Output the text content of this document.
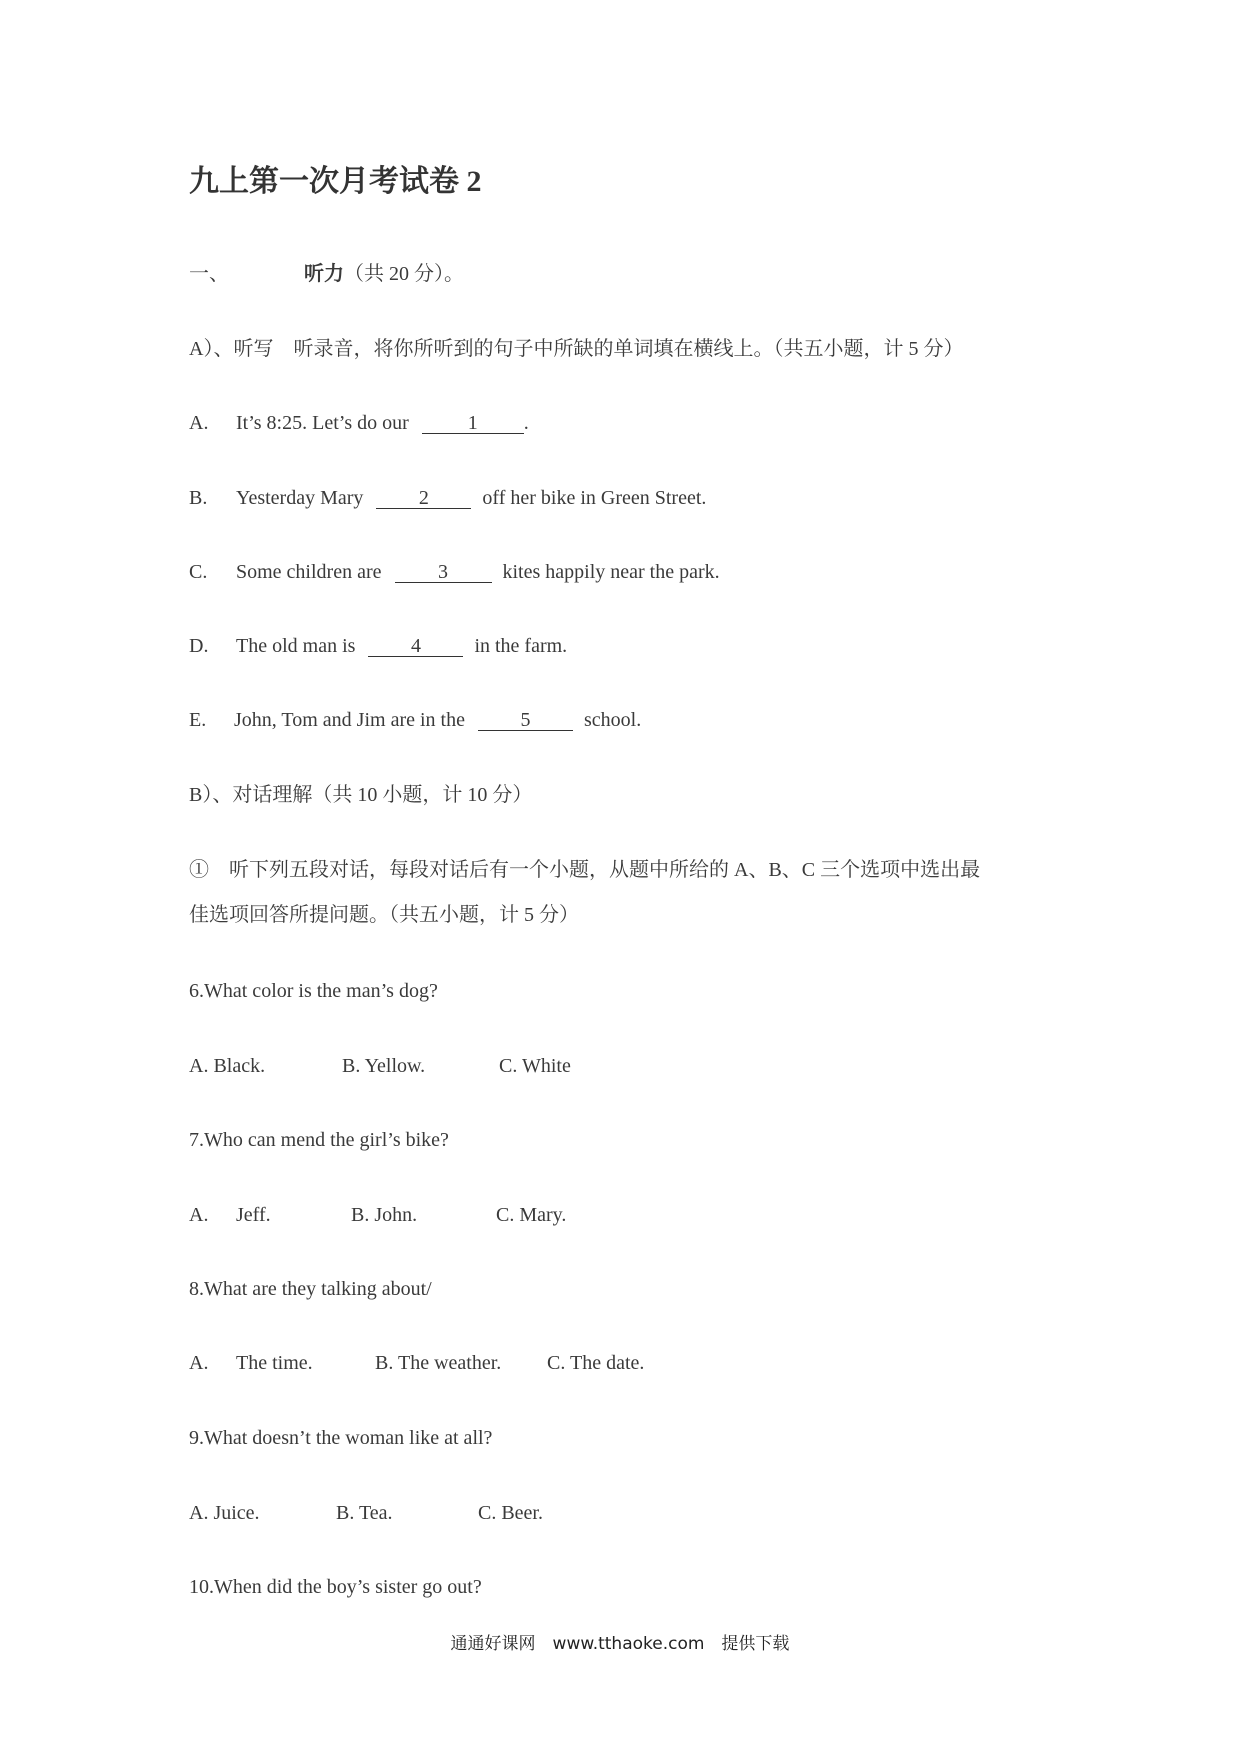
九上第一次月考试卷 2
一、	听力（共 20 分）。
A）、听写　听录音，将你所听到的句子中所缺的单词填在横线上。（共五小题，计 5 分）
A. It’s 8:25. Let’s do our	1 .
B. Yesterday Mary	2	off her bike in Green Street.
C. Some children are	3	kites happily near the park.
D. The old man is	4	in the farm.
E. John, Tom and Jim are in the	5	school.
B）、对话理解（共 10 小题，计 10 分）
①　听下列五段对话，每段对话后有一个小题，从题中所给的 A、B、C 三个选项中选出最
佳选项回答所提问题。（共五小题，计 5 分）
6.What color is the man’s dog?
A. Black.	B. Yellow.	C. White
7.Who can mend the girl’s bike?
A. Jeff.	B. John.	C. Mary.
8.What are they talking about/
A. The time.	B. The weather. C. The date.
9.What doesn’t the woman like at all?
A. Juice.	B. Tea.	C. Beer.
10.When did the boy’s sister go out?
通通好课网　www.tthaoke.com　提供下载
